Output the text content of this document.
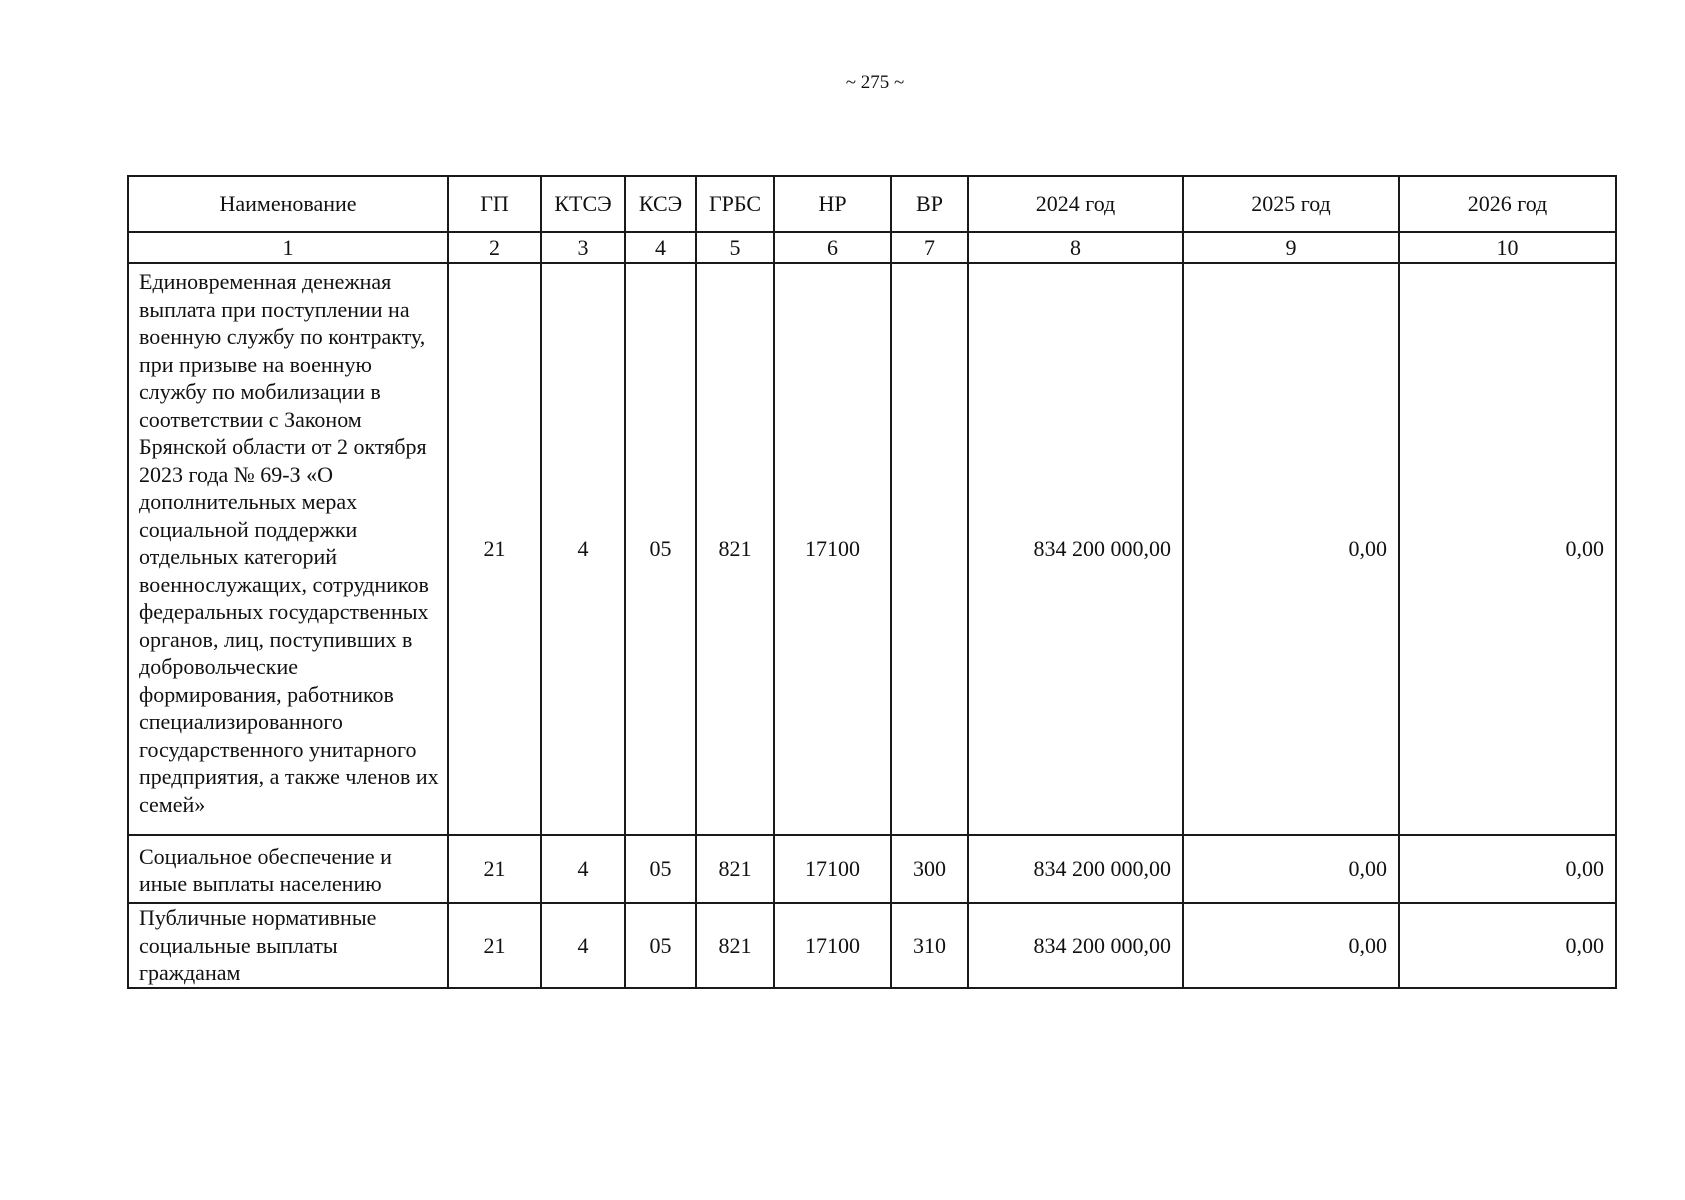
~ 275 ~
Наименование	ГП	КТСЭ	КСЭ	ГРБС	НР	ВР	2024 год	2025 год	2026 год
1	2	3	4	5	6	7	8	9	10
Единовременная денежная выплата при поступлении на военную службу по контракту, при призыве на военную службу по мобилизации в соответствии с Законом Брянской области от 2 октября 2023 года № 69-З «О дополнительных мерах социальной поддержки отдельных категорий военнослужащих, сотрудников федеральных государственных органов, лиц, поступивших в добровольческие формирования, работников специализированного государственного унитарного предприятия, а также членов их семей»	21	4	05	821	17100		834 200 000,00	0,00	0,00
Социальное обеспечение и иные выплаты населению	21	4	05	821	17100	300	834 200 000,00	0,00	0,00
Публичные нормативные социальные выплаты гражданам	21	4	05	821	17100	310	834 200 000,00	0,00	0,00
